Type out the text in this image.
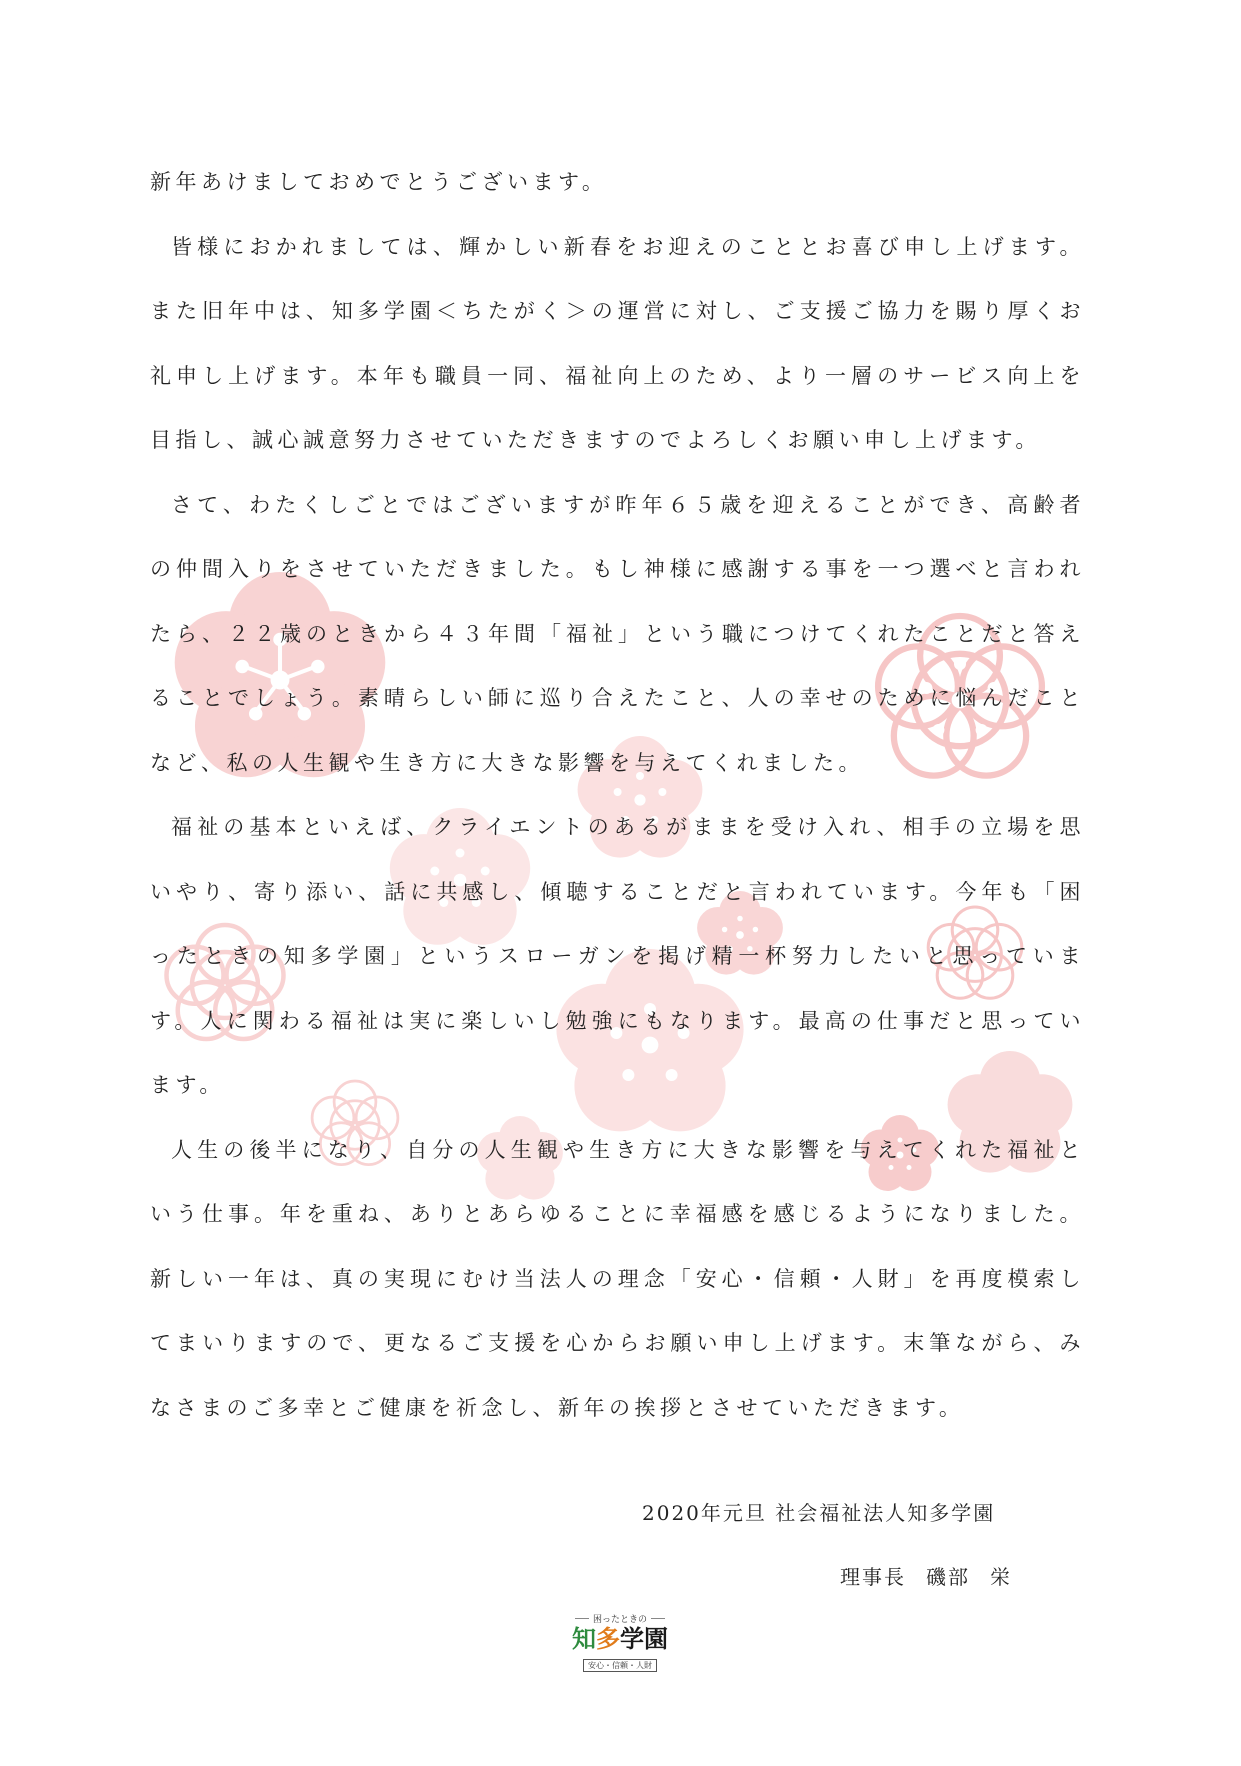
新年あけましておめでとうございます。

皆様におかれましては、輝かしい新春をお迎えのこととお喜び申し上げます。また旧年中は、知多学園＜ちたがく＞の運営に対し、ご支援ご協力を賜り厚くお礼申し上げます。本年も職員一同、福祉向上のため、より一層のサービス向上を目指し、誠心誠意努力させていただきますのでよろしくお願い申し上げます。

さて、わたくしごとではございますが昨年６５歳を迎えることができ、高齢者の仲間入りをさせていただきました。もし神様に感謝する事を一つ選べと言われたら、２２歳のときから４３年間「福祉」という職につけてくれたことだと答えることでしょう。素晴らしい師に巡り合えたこと、人の幸せのために悩んだことなど、私の人生観や生き方に大きな影響を与えてくれました。

福祉の基本といえば、クライエントのあるがままを受け入れ、相手の立場を思いやり、寄り添い、話に共感し、傾聴することだと言われています。今年も「困ったときの知多学園」というスローガンを掲げ精一杯努力したいと思っています。人に関わる福祉は実に楽しいし勉強にもなります。最高の仕事だと思っています。

人生の後半になり、自分の人生観や生き方に大きな影響を与えてくれた福祉という仕事。年を重ね、ありとあらゆることに幸福感を感じるようになりました。新しい一年は、真の実現にむけ当法人の理念「安心・信頼・人財」を再度模索してまいりますので、更なるご支援を心からお願い申し上げます。末筆ながら、みなさまのご多幸とご健康を祈念し、新年の挨拶とさせていただきます。

2020年元旦 社会福祉法人知多学園
理事長 磯部 栄
困ったときの
知多学園
安心・信頼・人財
